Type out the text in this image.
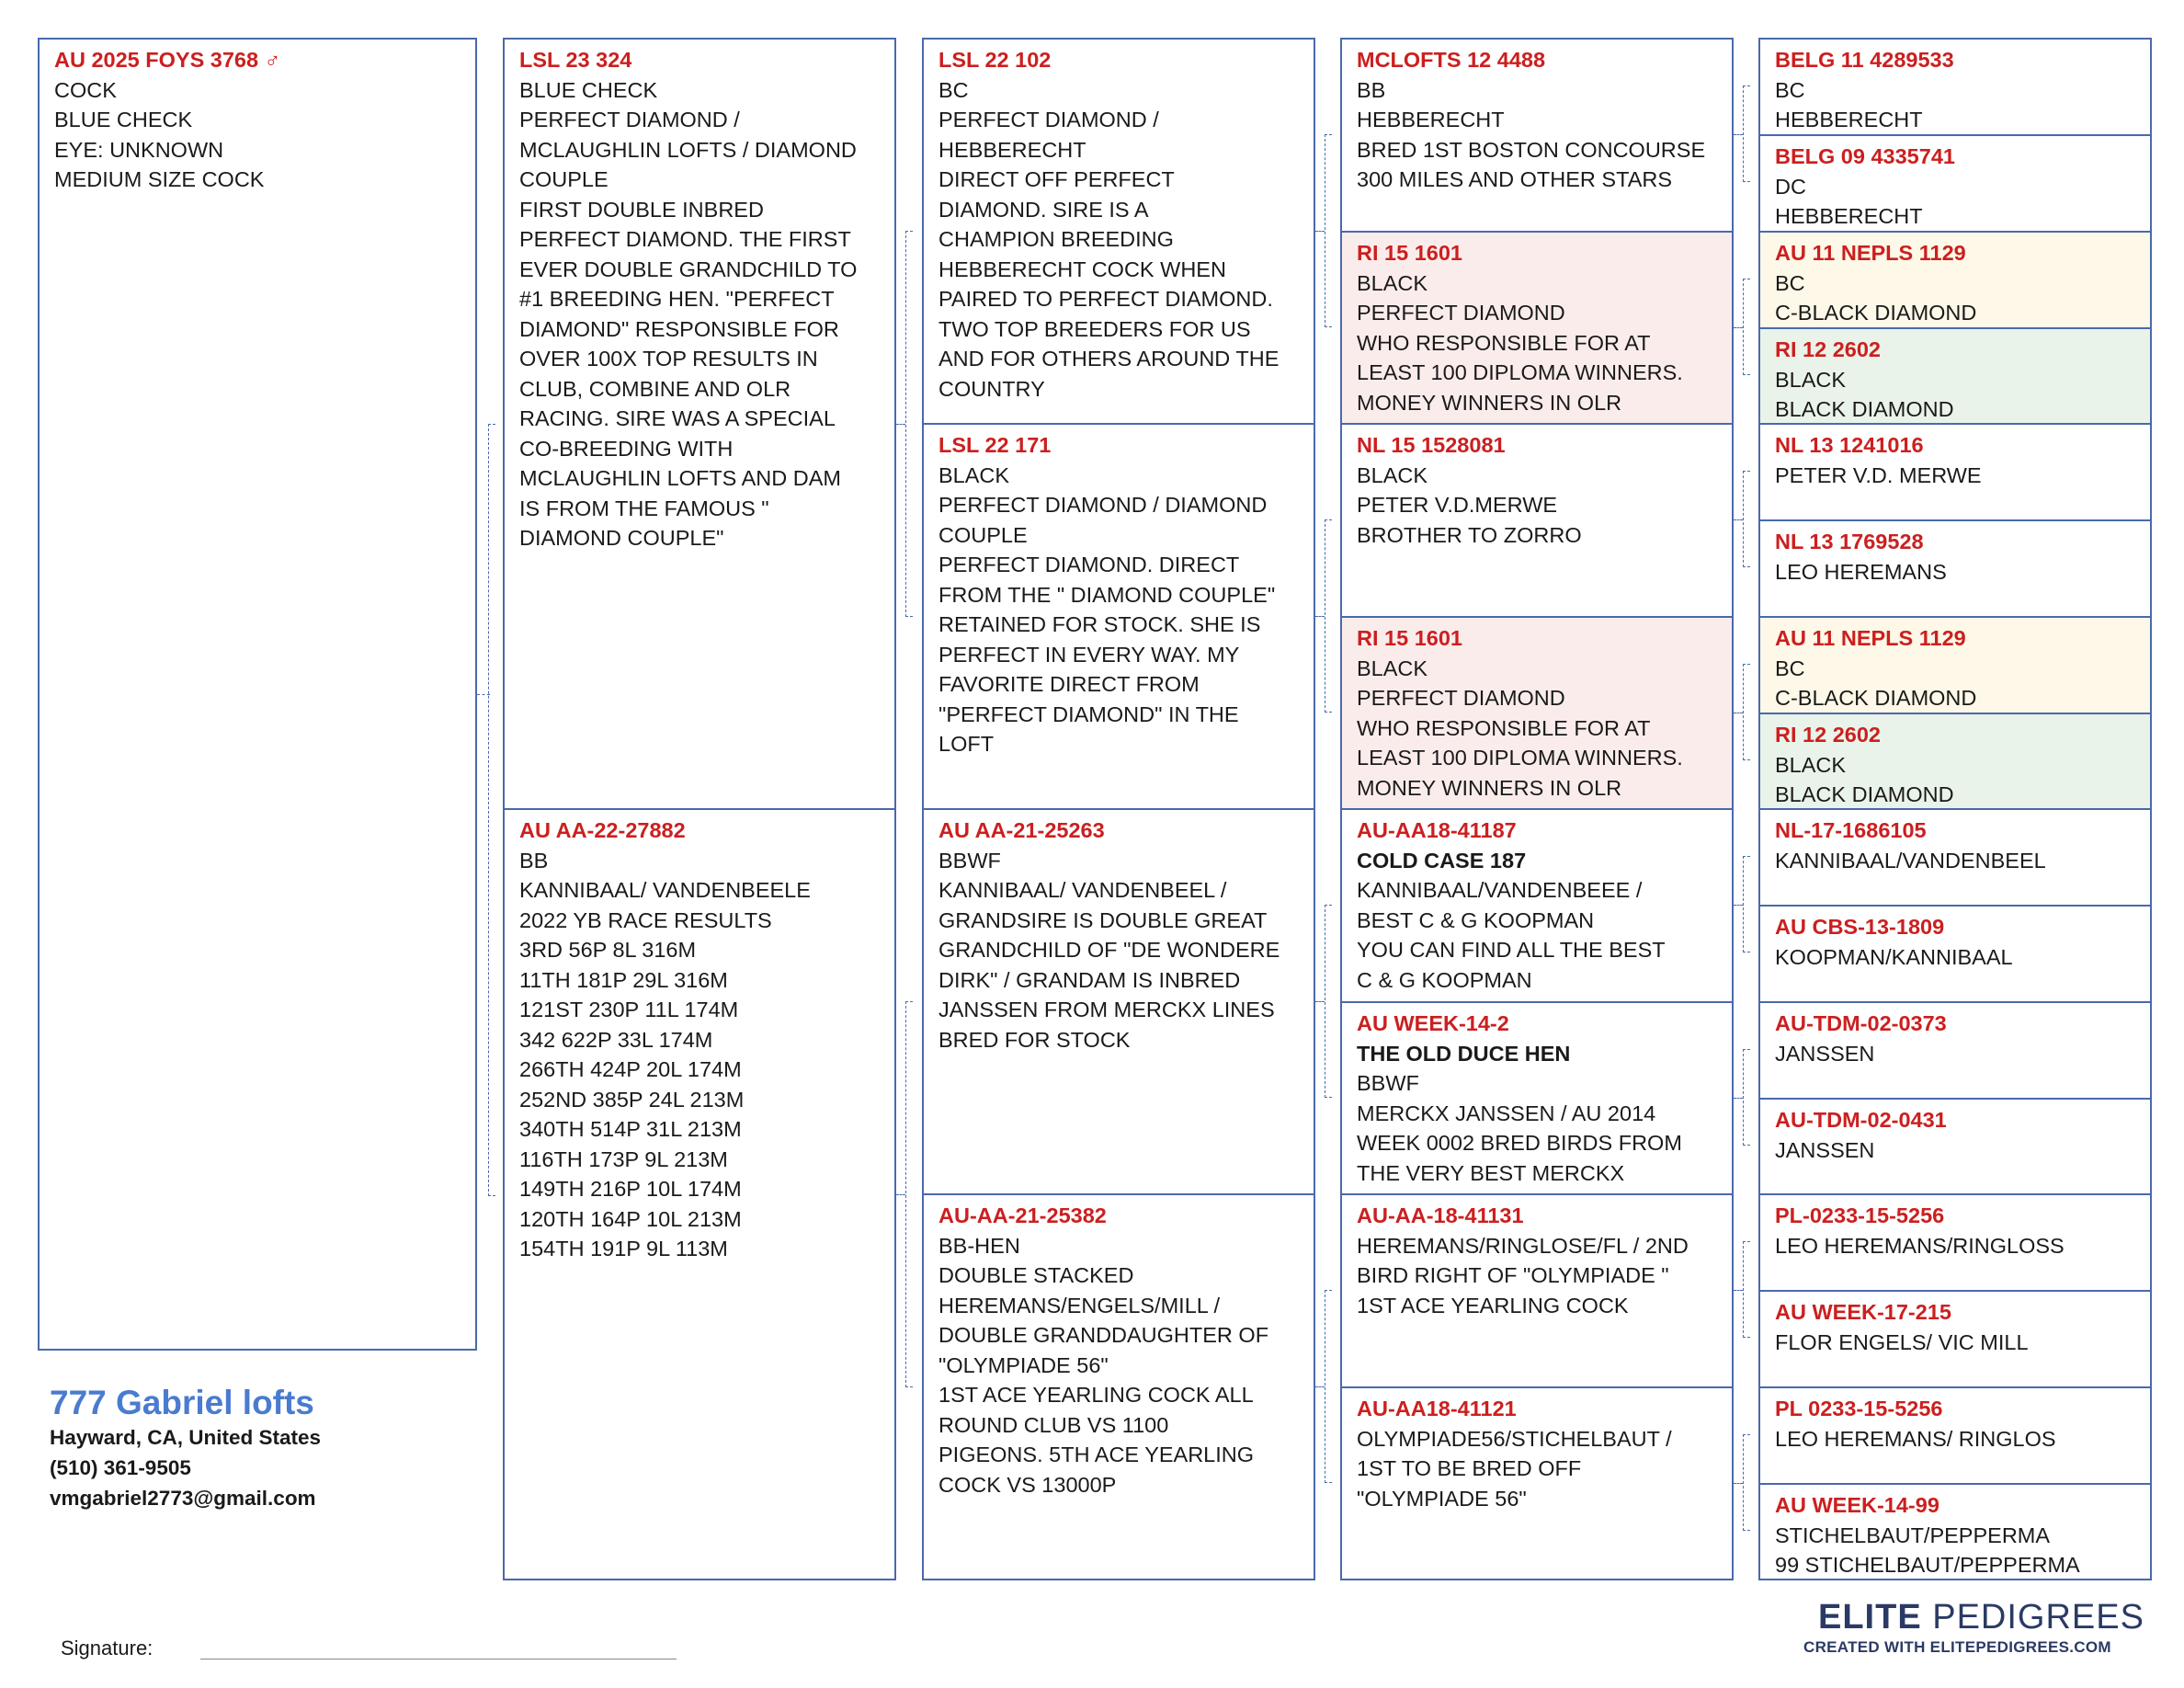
AU 2025 FOYS 3768 ♂
COCK
BLUE CHECK
EYE: UNKNOWN
MEDIUM SIZE COCK
LSL 23 324
BLUE CHECK
PERFECT DIAMOND /
MCLAUGHLIN LOFTS / DIAMOND
COUPLE
FIRST DOUBLE INBRED
PERFECT DIAMOND. THE FIRST
EVER DOUBLE GRANDCHILD TO
#1 BREEDING HEN. "PERFECT
DIAMOND" RESPONSIBLE FOR
OVER 100X TOP RESULTS IN
CLUB, COMBINE AND OLR
RACING. SIRE WAS A SPECIAL
CO-BREEDING WITH
MCLAUGHLIN LOFTS AND DAM
IS FROM THE FAMOUS "
DIAMOND COUPLE"
AU AA-22-27882
BB
KANNIBAAL/ VANDENBEELE
2022 YB RACE RESULTS
3RD 56P 8L 316M
11TH 181P 29L 316M
121ST 230P 11L 174M
342 622P 33L 174M
266TH 424P 20L 174M
252ND 385P 24L 213M
340TH 514P 31L 213M
116TH 173P 9L 213M
149TH 216P 10L 174M
120TH 164P 10L 213M
154TH 191P 9L 113M
LSL 22 102
BC
PERFECT DIAMOND /
HEBBERECHT
DIRECT OFF PERFECT
DIAMOND. SIRE IS A
CHAMPION BREEDING
HEBBERECHT COCK WHEN
PAIRED TO PERFECT DIAMOND.
TWO TOP BREEDERS FOR US
AND FOR OTHERS AROUND THE
COUNTRY
LSL 22 171
BLACK
PERFECT DIAMOND / DIAMOND
COUPLE
PERFECT DIAMOND. DIRECT
FROM THE " DIAMOND COUPLE"
RETAINED FOR STOCK. SHE IS
PERFECT IN EVERY WAY. MY
FAVORITE DIRECT FROM
"PERFECT DIAMOND" IN THE
LOFT
AU AA-21-25263
BBWF
KANNIBAAL/ VANDENBEEL /
GRANDSIRE IS DOUBLE GREAT
GRANDCHILD OF "DE WONDERE
DIRK" / GRANDAM IS INBRED
JANSSEN FROM MERCKX LINES
BRED FOR STOCK
AU-AA-21-25382
BB-HEN
DOUBLE STACKED
HEREMANS/ENGELS/MILL /
DOUBLE GRANDDAUGHTER OF
"OLYMPIADE 56"
1ST ACE YEARLING COCK ALL
ROUND CLUB VS 1100
PIGEONS. 5TH ACE YEARLING
COCK VS 13000P
MCLOFTS 12 4488
BB
HEBBERECHT
BRED 1ST BOSTON CONCOURSE
300 MILES AND OTHER STARS
RI 15 1601
BLACK
PERFECT DIAMOND
WHO RESPONSIBLE FOR AT
LEAST 100 DIPLOMA WINNERS.
MONEY WINNERS IN OLR
NL 15 1528081
BLACK
PETER V.D.MERWE
BROTHER TO ZORRO
RI 15 1601
BLACK
PERFECT DIAMOND
WHO RESPONSIBLE FOR AT
LEAST 100 DIPLOMA WINNERS.
MONEY WINNERS IN OLR
AU-AA18-41187
COLD CASE 187
KANNIBAAL/VANDENBEEE /
BEST C & G KOOPMAN
YOU CAN FIND ALL THE BEST
C & G KOOPMAN
AU WEEK-14-2
THE OLD DUCE HEN
BBWF
MERCKX JANSSEN / AU 2014
WEEK 0002 BRED BIRDS FROM
THE VERY BEST MERCKX
AU-AA-18-41131
HEREMANS/RINGLOSE/FL / 2ND
BIRD RIGHT OF "OLYMPIADE "
1ST ACE YEARLING COCK
AU-AA18-41121
OLYMPIADE56/STICHELBAUT /
1ST TO BE BRED OFF
"OLYMPIADE 56"
BELG 11 4289533
BC
HEBBERECHT
BELG 09 4335741
DC
HEBBERECHT
AU 11 NEPLS 1129
BC
C-BLACK DIAMOND
RI 12 2602
BLACK
BLACK DIAMOND
NL 13 1241016
PETER V.D. MERWE
NL 13 1769528
LEO HEREMANS
AU 11 NEPLS 1129
BC
C-BLACK DIAMOND
RI 12 2602
BLACK
BLACK DIAMOND
NL-17-1686105
KANNIBAAL/VANDENBEEL
AU CBS-13-1809
KOOPMAN/KANNIBAAL
AU-TDM-02-0373
JANSSEN
AU-TDM-02-0431
JANSSEN
PL-0233-15-5256
LEO HEREMANS/RINGLOSS
AU WEEK-17-215
FLOR ENGELS/ VIC MILL
PL 0233-15-5256
LEO HEREMANS/ RINGLOS
AU WEEK-14-99
STICHELBAUT/PEPPERMA
99 STICHELBAUT/PEPPERMA
777 Gabriel lofts
Hayward, CA, United States
(510) 361-9505
vmgabriel2773@gmail.com
Signature:
ELITE PEDIGREES
CREATED WITH ELITEPEDIGREES.COM
